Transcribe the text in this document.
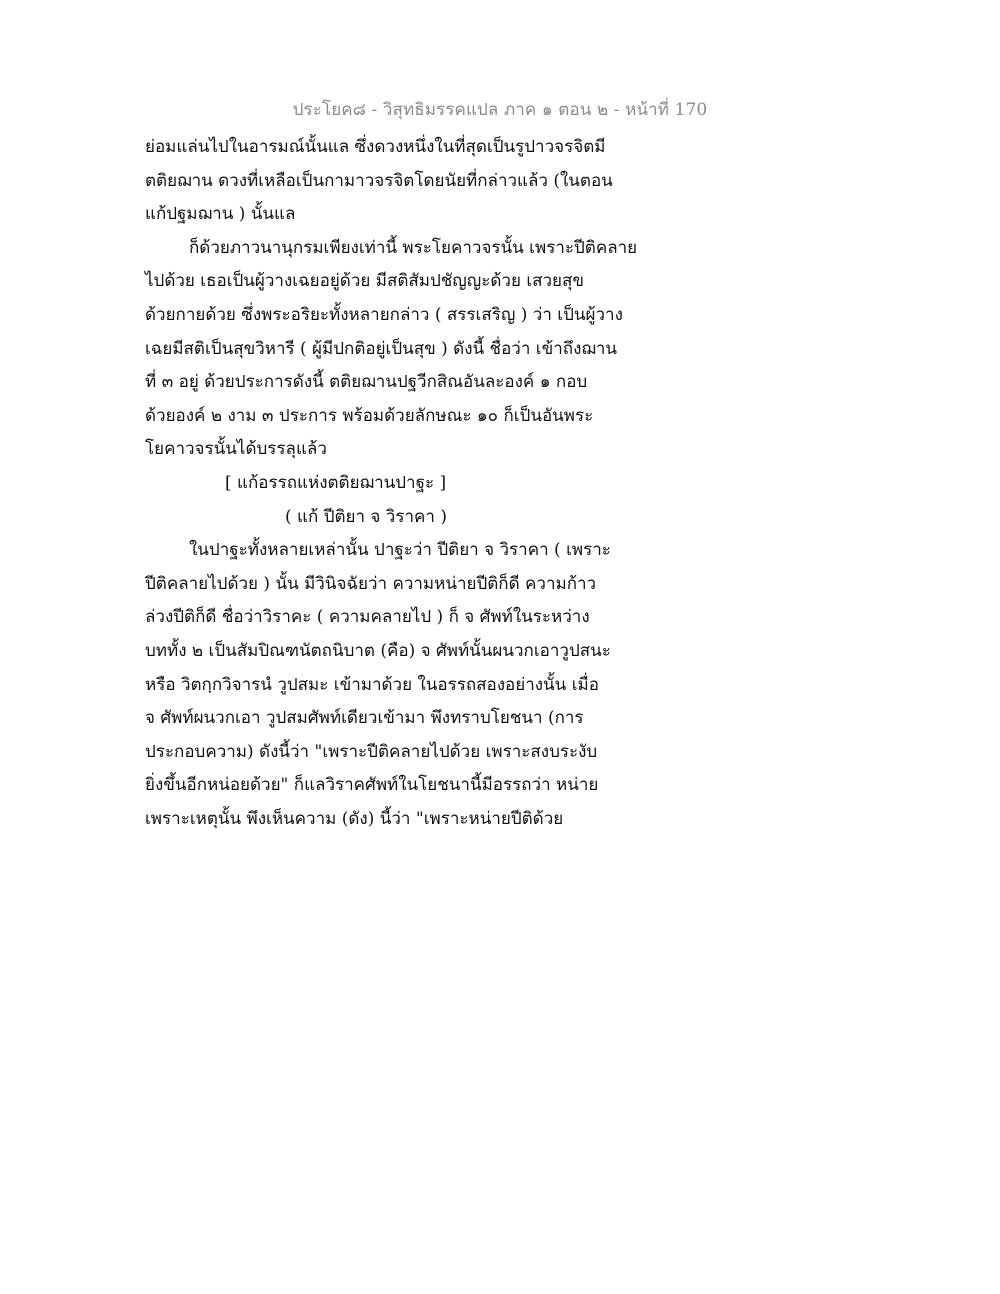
ประโยค๘ - วิสุทธิมรรคแปล ภาค ๑ ตอน ๒ - หน้าที่ 170
ย่อมแล่นไปในอารมณ์นั้นแล ซึ่งดวงหนึ่งในที่สุดเป็นรูปาวจรจิตมี
ตติยฌาน ดวงที่เหลือเป็นกามาวจรจิตโดยนัยที่กล่าวแล้ว (ในตอน
แก้ปฐมฌาน ) นั้นแล
ก็ด้วยภาวนานุกรมเพียงเท่านี้ พระโยคาวจรนั้น เพราะปีติคลาย
ไปด้วย เธอเป็นผู้วางเฉยอยู่ด้วย มีสติสัมปชัญญะด้วย เสวยสุข
ด้วยกายด้วย ซึ่งพระอริยะทั้งหลายกล่าว ( สรรเสริญ ) ว่า เป็นผู้วาง
เฉยมีสติเป็นสุขวิหารี ( ผู้มีปกติอยู่เป็นสุข ) ดังนี้ ชื่อว่า เข้าถึงฌาน
ที่ ๓ อยู่ ด้วยประการดังนี้ ตติยฌานปฐวีกสิณอันละองค์ ๑ กอบ
ด้วยองค์ ๒ งาม ๓ ประการ พร้อมด้วยลักษณะ ๑๐ ก็เป็นอันพระ
โยคาวจรนั้นได้บรรลุแล้ว
[ แก้อรรถแห่งตติยฌานปาฐะ ]
( แก้ ปีติยา จ วิราคา )
ในปาฐะทั้งหลายเหล่านั้น ปาฐะว่า ปีติยา จ วิราคา ( เพราะ
ปีติคลายไปด้วย ) นั้น มีวินิจฉัยว่า ความหน่ายปีติก็ดี ความก้าว
ล่วงปีติก็ดี ชื่อว่าวิราคะ ( ความคลายไป ) ก็ จ ศัพท์ในระหว่าง
บททั้ง ๒ เป็นสัมปิณฑนัตถนิบาต (คือ) จ ศัพท์นั้นผนวกเอาวูปสนะ
หรือ วิตกฺกวิจารนํ วูปสมะ เข้ามาด้วย ในอรรถสองอย่างนั้น เมื่อ
จ ศัพท์ผนวกเอา วูปสมศัพท์เดียวเข้ามา พึงทราบโยชนา (การ
ประกอบความ) ดังนี้ว่า "เพราะปีติคลายไปด้วย เพราะสงบระงับ
ยิ่งขึ้นอีกหน่อยด้วย" ก็แลวิราคศัพท์ในโยชนานี้มีอรรถว่า หน่าย
เพราะเหตุนั้น พึงเห็นความ (ดัง) นี้ว่า "เพราะหน่ายปีติด้วย
